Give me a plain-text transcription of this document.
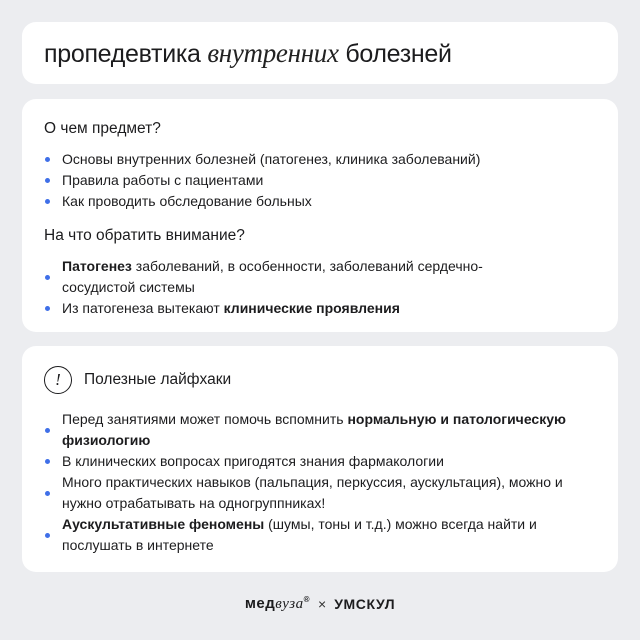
пропедевтика внутренних болезней
О чем предмет?
Основы внутренних болезней (патогенез, клиника заболеваний)
Правила работы с пациентами
Как проводить обследование больных
На что обратить внимание?
Патогенез заболеваний, в особенности, заболеваний сердечно-сосудистой системы
Из патогенеза вытекают клинические проявления
!	Полезные лайфхаки
Перед занятиями может помочь вспомнить нормальную и патологическую физиологию
В клинических вопросах пригодятся знания фармакологии
Много практических навыков (пальпация, перкуссия, аускультация), можно и нужно отрабатывать на одногруппниках!
Аускультативные феномены (шумы, тоны и т.д.) можно всегда найти и послушать в интернете
медвуза® × УМСКУЛ
